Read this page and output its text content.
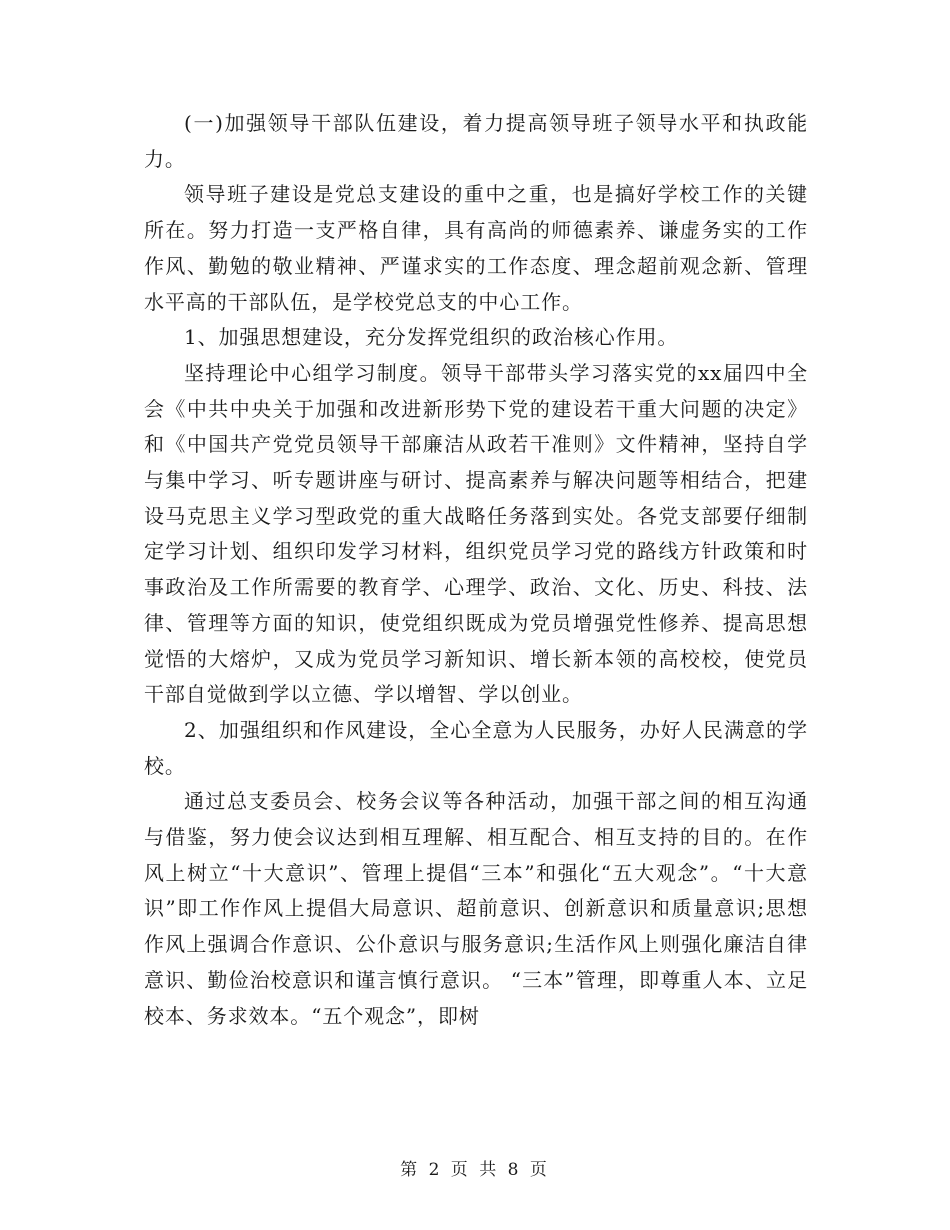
(一)加强领导干部队伍建设，着力提高领导班子领导水平和执政能力。

领导班子建设是党总支建设的重中之重，也是搞好学校工作的关键所在。努力打造一支严格自律，具有高尚的师德素养、谦虚务实的工作作风、勤勉的敬业精神、严谨求实的工作态度、理念超前观念新、管理水平高的干部队伍，是学校党总支的中心工作。

1、加强思想建设，充分发挥党组织的政治核心作用。

坚持理论中心组学习制度。领导干部带头学习落实党的xx届四中全会《中共中央关于加强和改进新形势下党的建设若干重大问题的决定》和《中国共产党党员领导干部廉洁从政若干准则》文件精神，坚持自学与集中学习、听专题讲座与研讨、提高素养与解决问题等相结合，把建设马克思主义学习型政党的重大战略任务落到实处。各党支部要仔细制定学习计划、组织印发学习材料，组织党员学习党的路线方针政策和时事政治及工作所需要的教育学、心理学、政治、文化、历史、科技、法律、管理等方面的知识，使党组织既成为党员增强党性修养、提高思想觉悟的大熔炉，又成为党员学习新知识、增长新本领的高校校，使党员干部自觉做到学以立德、学以增智、学以创业。

2、加强组织和作风建设，全心全意为人民服务，办好人民满意的学校。

通过总支委员会、校务会议等各种活动，加强干部之间的相互沟通与借鉴，努力使会议达到相互理解、相互配合、相互支持的目的。在作风上树立“十大意识”、管理上提倡“三本”和强化“五大观念”。“十大意识”即工作作风上提倡大局意识、超前意识、创新意识和质量意识;思想作风上强调合作意识、公仆意识与服务意识;生活作风上则强化廉洁自律意识、勤俭治校意识和谨言慎行意识。 “三本”管理，即尊重人本、立足校本、务求效本。“五个观念”，即树

第 2 页 共 8 页
